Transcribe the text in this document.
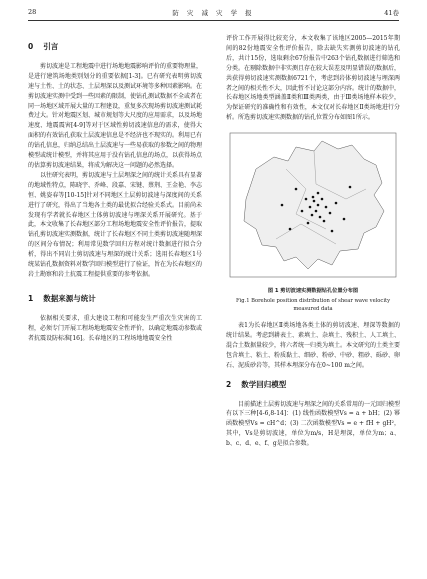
28	防 灾 减 灾 学 报	41卷
0 引言

剪切波速是工程地震中进行场地地震影响评价的重要物理量，是进行建筑场地类别划分的重要依据[1-3]。已有研究表明剪切波速与土性、土的状态、土层埋深以及测试环境等多种因素影响。在剪切波速实测中受到一些因素的限制，使钻孔测试数据不全或者在同一场地区域开展大量的工程建设，重复多次现场剪切波速测试耗费过大。针对地震区划、城市规划等大尺度的应用需求，以及场地速度、地震震害[4-9]等对于区域性剪切波速信息的需求，使得大面积的有效钻孔获取土层波速信息是不经济也不现实的。利用已有的钻孔信息，归纳总结出土层波速与一些易获取的参数之间的物理模型或统计模型，并将其应用于没有钻孔信息的场点，以获得场点的估算剪切波速结果，将成为解决这一问题的必然选择。

以往研究表明，剪切波速与土层埋深之间的统计关系具有显著的地域性特点，陈晓宇、乔峰、段嘉、宋键、蔡荆、王金艳、李志恒、姚姿春等[10-15]针对不同地区土层剪切波速与深度间的关系进行了研究，得出了当地各土类的最优拟合经验关系式。目前尚未发现有学者就长春地区土体剪切波速与埋深关系开展研究。基于此，本文收集了长春地区部分工程场地地震安全性评价报告，提取钻孔剪切波速实测数据，统计了长春地区不同土类剪切波速随埋深的区间分布情况；利用常见数学回归方程对统计数据进行拟合分析，得出不同岩土剪切波速与埋深的统计关系；选用长春地区1号统某钻孔数据资料对数学回归模型进行了验证，旨在为长春地区的岩土勘察和岩土抗震工程提供重要的参考依据。

1 数据来源与统计

依据相关要求，重大建设工程和可能发生严重次生灾害的工程，必须专门开展工程场地地震安全性评价，以确定地震动参数或者抗震设防标准[16]。长春地区的工程场地地震安全性

评价工作开展得比较充分，本文收集了该地区2005—2015年期间的82份地震安全性评价报告，除去缺失实测剪切波速的钻孔后，共计15份，选取剩余67份报告中263个钻孔数据进行筛选和分类。在剔除数据中非实测且存在较大误差及明显错误的数据后，共获得剪切波速实测数据6721个，考虑到岩体剪切波速与埋深两者之间的相关性不大，因此暂不讨论这部分内容。统计的数据中，长春地区场地类型涵盖Ⅱ类和Ⅲ类两类，由于Ⅲ类场地样本较少，为保证研究的准确性和有效性，本文仅对长春地区Ⅱ类场地进行分析。所选剪切波速实测数据的钻孔位置分布如图1所示。

图 1 剪切波速实测数据钻孔位置分布图
Fig.1 Borehole position distribution of shear wave velocity measured data

表1为长春地区Ⅱ类场地各类土体的剪切波速、埋深等数据的统计结果。考虑到耕表土、素填土、杂填土、残积土、人工填土、混合土数据量较少，将六者统一归类为填土。本文研究的土类主要包含填土、粘土、粉质黏土、细砂、粉砂、中砂、粗砂、砾砂、卵石、泥质砂岩等，其样本埋深分布在0~100 m之间。

2 数学回归模型

目前描述土层剪切波速与埋深之间的关系常用的一元回归模型有以下三种[4-6,8-14]：(1) 线性函数模型Vs = a + bH；(2) 幂函数模型Vs = cH^d；(3) 二次函数模型Vs = e + fH + gH²，其中，Vs是剪切波速，单位为m/s，H是埋深，单位为m；a、b、c、d、e、f、g是拟合参数。
